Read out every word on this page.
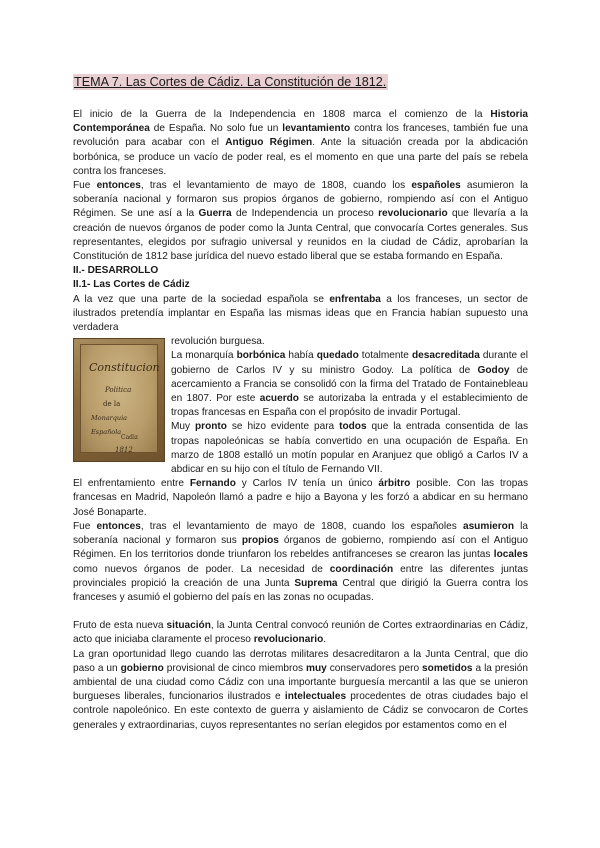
TEMA 7. Las Cortes de Cádiz. La Constitución de 1812.

El inicio de la Guerra de la Independencia en 1808 marca el comienzo de la Historia Contemporánea de España. No solo fue un levantamiento contra los franceses, también fue una revolución para acabar con el Antiguo Régimen. Ante la situación creada por la abdicación borbónica, se produce un vacío de poder real, es el momento en que una parte del país se rebela contra los franceses.

Fue entonces, tras el levantamiento de mayo de 1808, cuando los españoles asumieron la soberanía nacional y formaron sus propios órganos de gobierno, rompiendo así con el Antiguo Régimen. Se une así a la Guerra de Independencia un proceso revolucionario que llevaría a la creación de nuevos órganos de poder como la Junta Central, que convocaría Cortes generales. Sus representantes, elegidos por sufragio universal y reunidos en la ciudad de Cádiz, aprobarían la Constitución de 1812 base jurídica del nuevo estado liberal que se estaba formando en España.

II.- DESARROLLO

II.1- Las Cortes de Cádiz

A la vez que una parte de la sociedad española se enfrentaba a los franceses, un sector de ilustrados pretendía implantar en España las mismas ideas que en Francia habían supuesto una verdadera

Constitucion
Politica
de la
Monarquia Española
Cadiz
1812

revolución burguesa.

La monarquía borbónica había quedado totalmente desacreditada durante el gobierno de Carlos IV y su ministro Godoy. La política de Godoy de acercamiento a Francia se consolidó con la firma del Tratado de Fontainebleau en 1807. Por este acuerdo se autorizaba la entrada y el establecimiento de tropas francesas en España con el propósito de invadir Portugal.

Muy pronto se hizo evidente para todos que la entrada consentida de las tropas napoleónicas se había convertido en una ocupación de España. En marzo de 1808 estalló un motín popular en Aranjuez que obligó a Carlos IV a abdicar en su hijo con el título de Fernando VII.

El enfrentamiento entre Fernando y Carlos IV tenía un único árbitro posible. Con las tropas francesas en Madrid, Napoleón llamó a padre e hijo a Bayona y les forzó a abdicar en su hermano José Bonaparte.

Fue entonces, tras el levantamiento de mayo de 1808, cuando los españoles asumieron la soberanía nacional y formaron sus propios órganos de gobierno, rompiendo así con el Antiguo Régimen. En los territorios donde triunfaron los rebeldes antifranceses se crearon las juntas locales como nuevos órganos de poder. La necesidad de coordinación entre las diferentes juntas provinciales propició la creación de una Junta Suprema Central que dirigió la Guerra contra los franceses y asumió el gobierno del país en las zonas no ocupadas.

Fruto de esta nueva situación, la Junta Central convocó reunión de Cortes extraordinarias en Cádiz, acto que iniciaba claramente el proceso revolucionario.

La gran oportunidad llego cuando las derrotas militares desacreditaron a la Junta Central, que dio paso a un gobierno provisional de cinco miembros muy conservadores pero sometidos a la presión ambiental de una ciudad como Cádiz con una importante burguesía mercantil a las que se unieron burgueses liberales, funcionarios ilustrados e intelectuales procedentes de otras ciudades bajo el controle napoleónico. En este contexto de guerra y aislamiento de Cádiz se convocaron de Cortes generales y extraordinarias, cuyos representantes no serían elegidos por estamentos como en el
